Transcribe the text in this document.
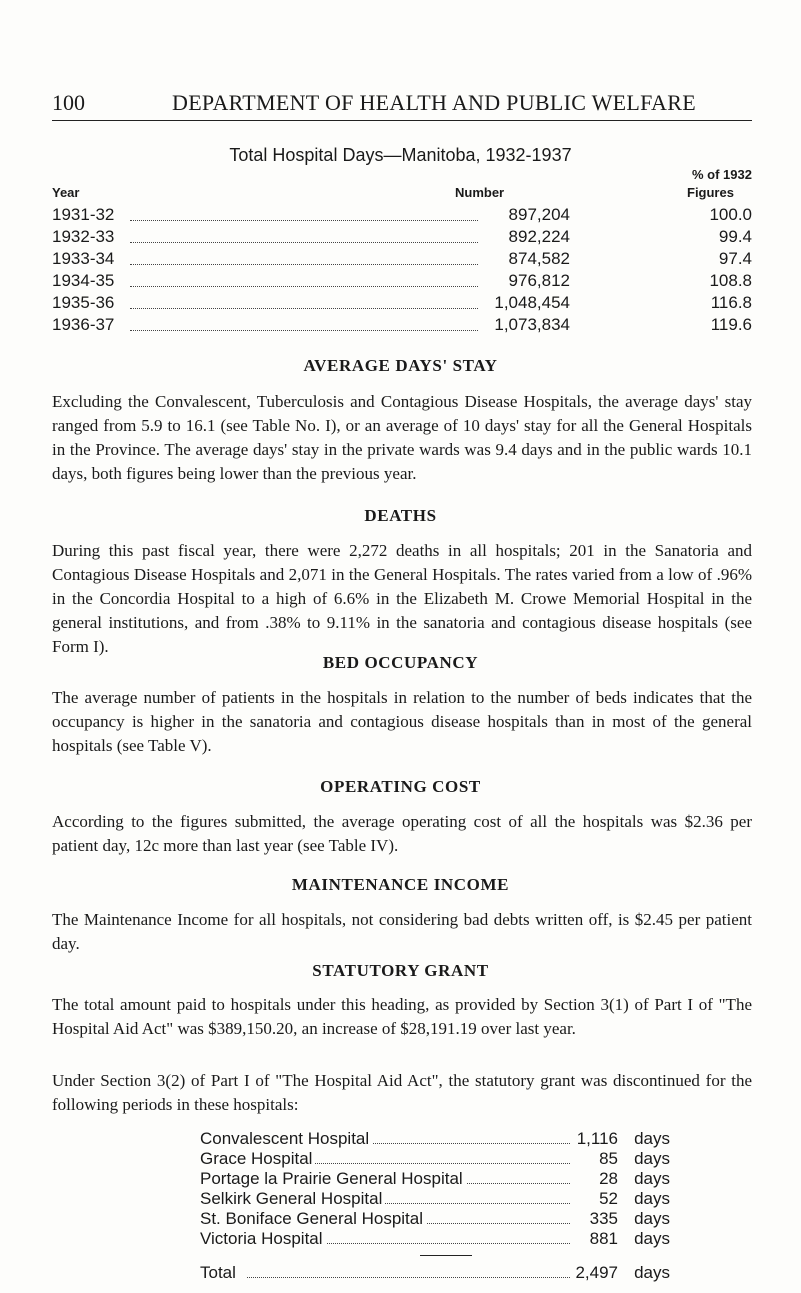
100	DEPARTMENT OF HEALTH AND PUBLIC WELFARE
Total Hospital Days—Manitoba, 1932-1937
% of 1932
Year	Number	Figures
1931-32	897,204	100.0
1932-33	892,224	99.4
1933-34	874,582	97.4
1934-35	976,812	108.8
1935-36	1,048,454	116.8
1936-37	1,073,834	119.6
AVERAGE DAYS' STAY

Excluding the Convalescent, Tuberculosis and Contagious Disease Hospitals, the average days' stay ranged from 5.9 to 16.1 (see Table No. I), or an average of 10 days' stay for all the General Hospitals in the Province. The average days' stay in the private wards was 9.4 days and in the public wards 10.1 days, both figures being lower than the previous year.

DEATHS

During this past fiscal year, there were 2,272 deaths in all hospitals; 201 in the Sanatoria and Contagious Disease Hospitals and 2,071 in the General Hospitals. The rates varied from a low of .96% in the Concordia Hospital to a high of 6.6% in the Elizabeth M. Crowe Memorial Hospital in the general institutions, and from .38% to 9.11% in the sanatoria and contagious disease hospitals (see Form I).

BED OCCUPANCY

The average number of patients in the hospitals in relation to the number of beds indicates that the occupancy is higher in the sanatoria and contagious disease hospitals than in most of the general hospitals (see Table V).

OPERATING COST

According to the figures submitted, the average operating cost of all the hospitals was $2.36 per patient day, 12c more than last year (see Table IV).

MAINTENANCE INCOME

The Maintenance Income for all hospitals, not considering bad debts written off, is $2.45 per patient day.

STATUTORY GRANT

The total amount paid to hospitals under this heading, as provided by Section 3(1) of Part I of "The Hospital Aid Act" was $389,150.20, an increase of $28,191.19 over last year.

Under Section 3(2) of Part I of "The Hospital Aid Act", the statutory grant was discontinued for the following periods in these hospitals:

Convalescent Hospital	1,116 days
Grace Hospital	85 days
Portage la Prairie General Hospital	28 days
Selkirk General Hospital	52 days
St. Boniface General Hospital	335 days
Victoria Hospital	881 days
Total	2,497 days
